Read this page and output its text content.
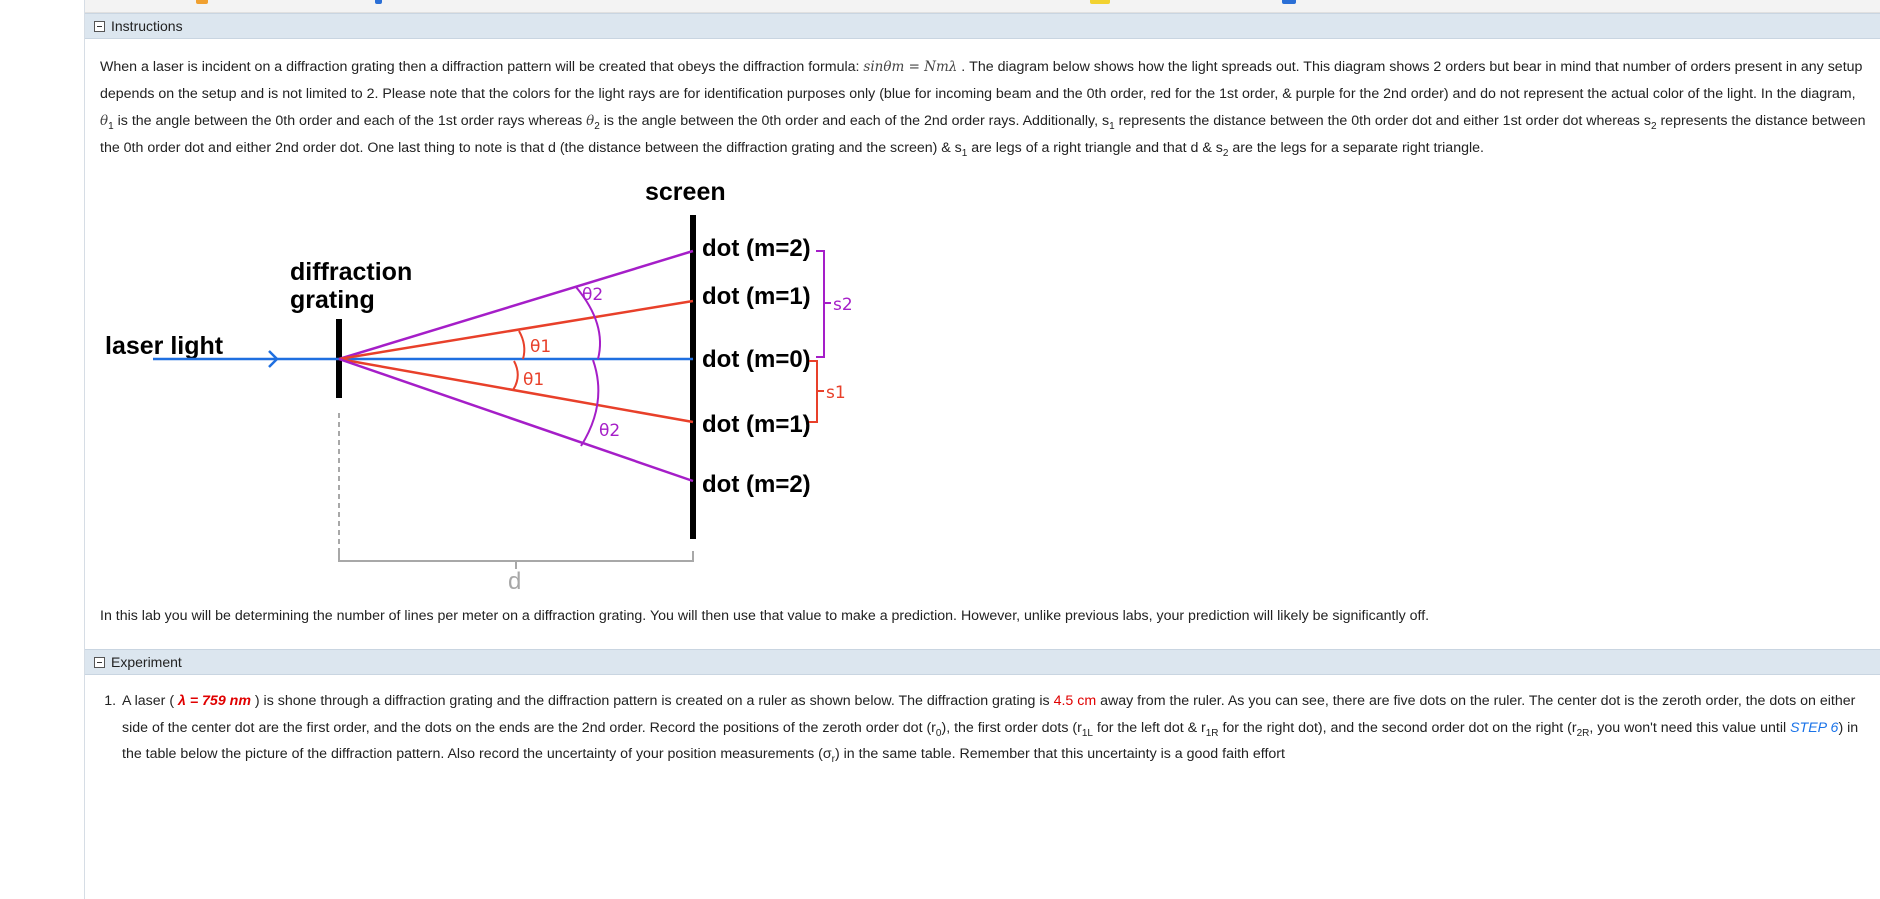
Instructions
When a laser is incident on a diffraction grating then a diffraction pattern will be created that obeys the diffraction formula: sinθm = Nmλ . The diagram below shows how the light spreads out. This diagram shows 2 orders but bear in mind that number of orders present in any setup depends on the setup and is not limited to 2. Please note that the colors for the light rays are for identification purposes only (blue for incoming beam and the 0th order, red for the 1st order, & purple for the 2nd order) and do not represent the actual color of the light. In the diagram, $\theta_1$ is the angle between the 0th order and each of the 1st order rays whereas $\theta_2$ is the angle between the 0th order and each of the 2nd order rays. Additionally, $s_1$ represents the distance between the 0th order dot and either 1st order dot whereas $s_2$ represents the distance between the 0th order dot and either 2nd order dot. One last thing to note is that d (the distance between the diffraction grating and the screen) & $s_1$ are legs of a right triangle and that d & $s_2$ are the legs for a separate right triangle.
screen
diffraction
grating
laser light	θ1
θ1
θ2
θ2
dot (m=2)
dot (m=1)
dot (m=0)
dot (m=1)
dot (m=2)
s2
s1
d
In this lab you will be determining the number of lines per meter on a diffraction grating. You will then use that value to make a prediction. However, unlike previous labs, your prediction will likely be significantly off.
Experiment
1. A laser ( λ = 759 nm ) is shone through a diffraction grating and the diffraction pattern is created on a ruler as shown below. The diffraction grating is 4.5 cm away from the ruler. As you can see, there are five dots on the ruler. The center dot is the zeroth order, the dots on either side of the center dot are the first order, and the dots on the ends are the 2nd order. Record the positions of the zeroth order dot $(r_0)$, the first order dots ($r_{1L}$ for the left dot & $r_{1R}$ for the right dot), and the second order dot on the right ($r_{2R}$, you won't need this value until STEP 6) in the table below the picture of the diffraction pattern. Also record the uncertainty of your position measurements $(\sigma_r)$ in the same table. Remember that this uncertainty is a good faith effort
